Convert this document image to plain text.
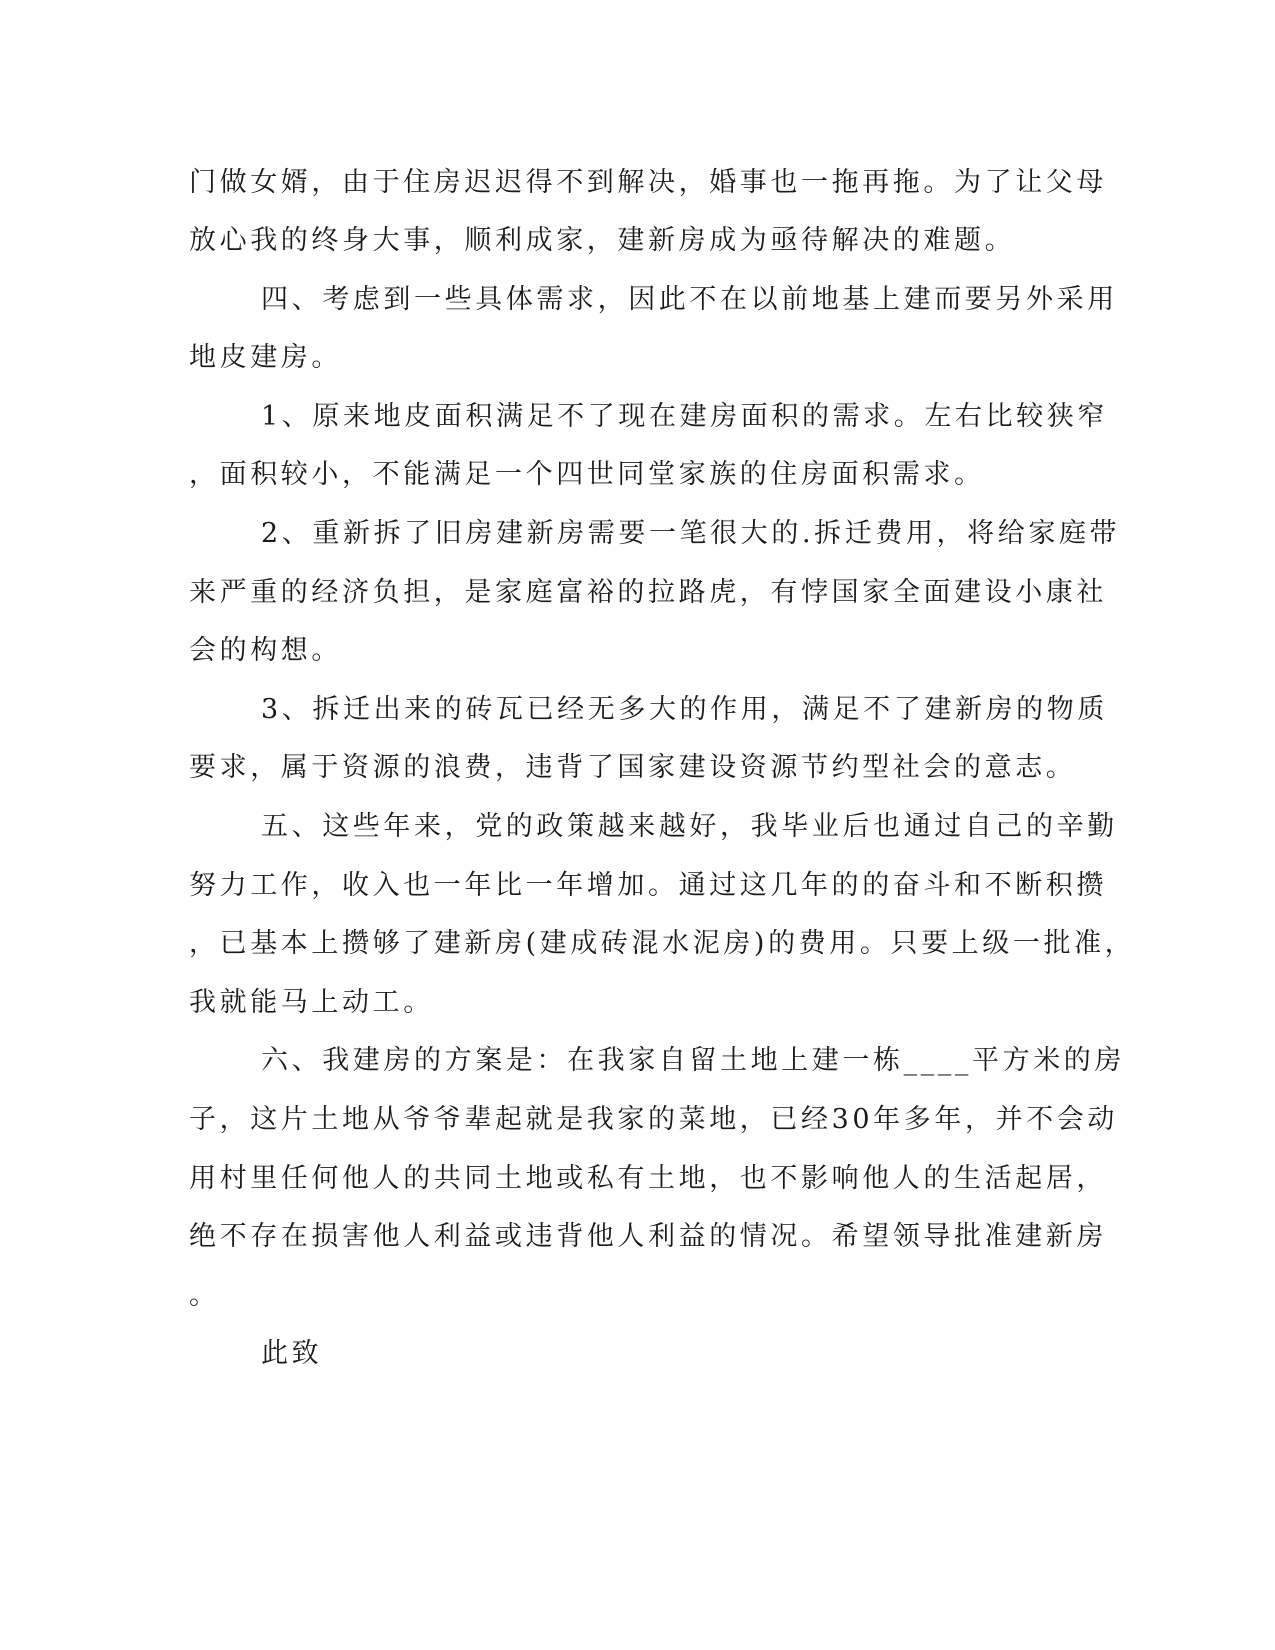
门做女婿，由于住房迟迟得不到解决，婚事也一拖再拖。为了让父母
放心我的终身大事，顺利成家，建新房成为亟待解决的难题。
四、考虑到一些具体需求，因此不在以前地基上建而要另外采用
地皮建房。
1、原来地皮面积满足不了现在建房面积的需求。左右比较狭窄
，面积较小，不能满足一个四世同堂家族的住房面积需求。
2、重新拆了旧房建新房需要一笔很大的.拆迁费用，将给家庭带
来严重的经济负担，是家庭富裕的拉路虎，有悖国家全面建设小康社
会的构想。
3、拆迁出来的砖瓦已经无多大的作用，满足不了建新房的物质
要求，属于资源的浪费，违背了国家建设资源节约型社会的意志。
五、这些年来，党的政策越来越好，我毕业后也通过自己的辛勤
努力工作，收入也一年比一年增加。通过这几年的的奋斗和不断积攒
，已基本上攒够了建新房(建成砖混水泥房)的费用。只要上级一批准，
我就能马上动工。
六、我建房的方案是：在我家自留土地上建一栋____平方米的房
子，这片土地从爷爷辈起就是我家的菜地，已经30年多年，并不会动
用村里任何他人的共同土地或私有土地，也不影响他人的生活起居，
绝不存在损害他人利益或违背他人利益的情况。希望领导批准建新房
。
此致
